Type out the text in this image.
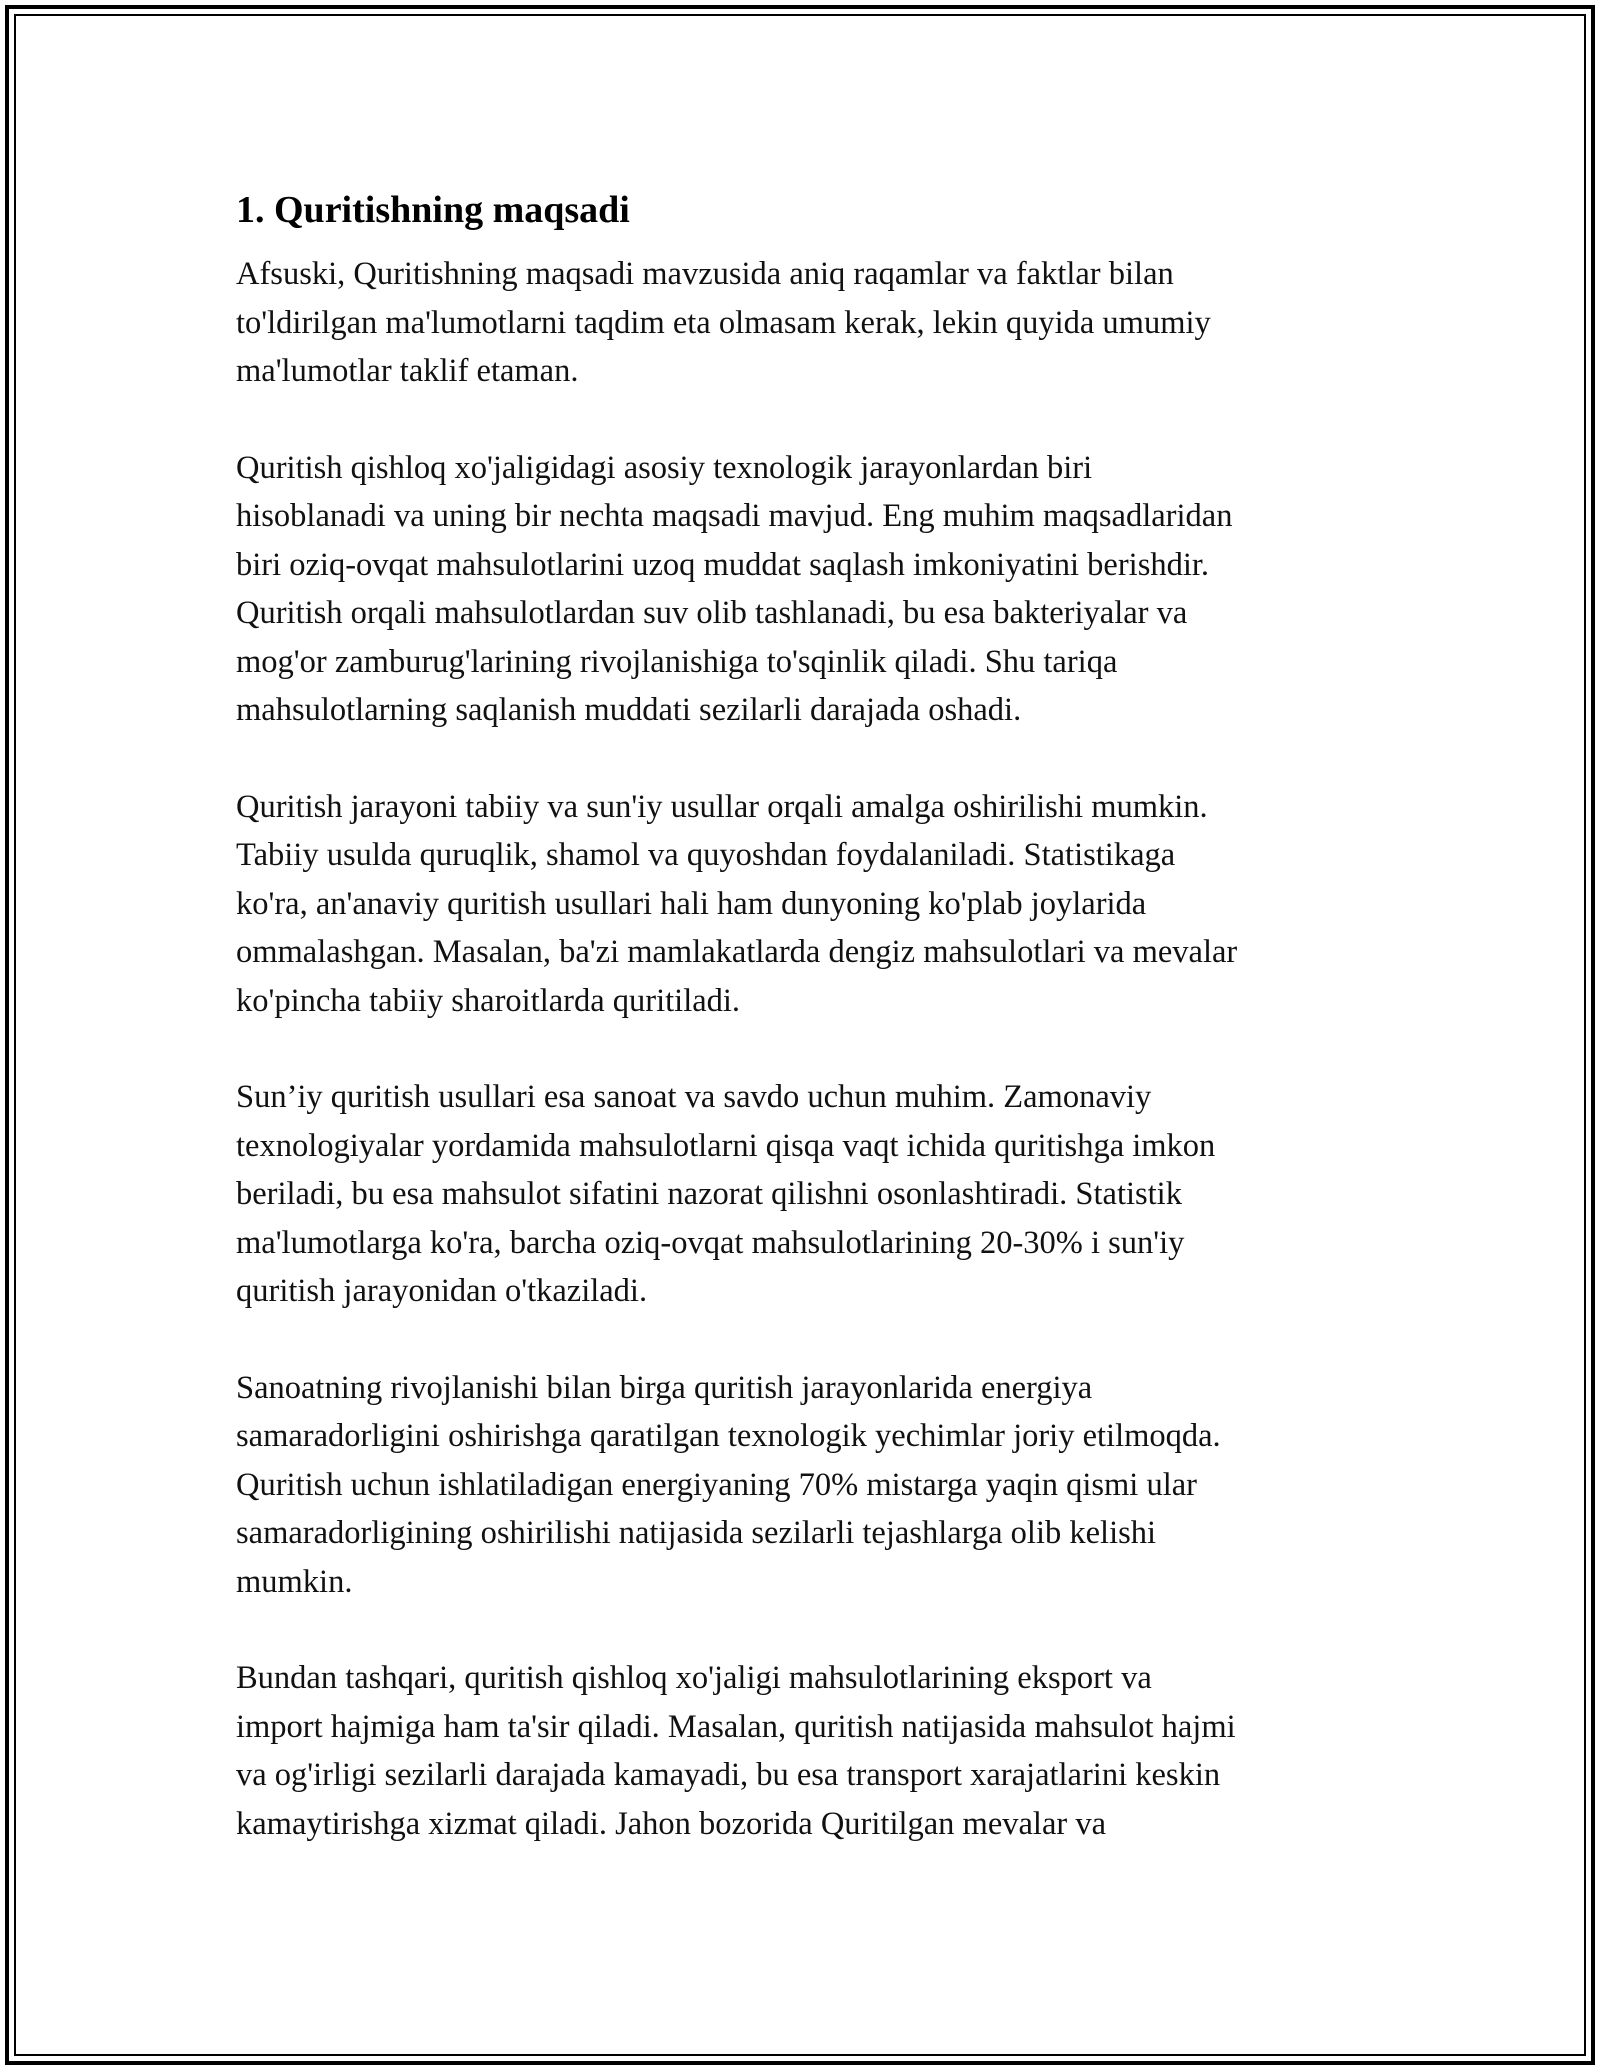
1. Quritishning maqsadi

Afsuski, Quritishning maqsadi mavzusida aniq raqamlar va faktlar bilan
to'ldirilgan ma'lumotlarni taqdim eta olmasam kerak, lekin quyida umumiy
ma'lumotlar taklif etaman.

Quritish qishloq xo'jaligidagi asosiy texnologik jarayonlardan biri
hisoblanadi va uning bir nechta maqsadi mavjud. Eng muhim maqsadlaridan
biri oziq-ovqat mahsulotlarini uzoq muddat saqlash imkoniyatini berishdir.
Quritish orqali mahsulotlardan suv olib tashlanadi, bu esa bakteriyalar va
mog'or zamburug'larining rivojlanishiga to'sqinlik qiladi. Shu tariqa
mahsulotlarning saqlanish muddati sezilarli darajada oshadi.

Quritish jarayoni tabiiy va sun'iy usullar orqali amalga oshirilishi mumkin.
Tabiiy usulda quruqlik, shamol va quyoshdan foydalaniladi. Statistikaga
ko'ra, an'anaviy quritish usullari hali ham dunyoning ko'plab joylarida
ommalashgan. Masalan, ba'zi mamlakatlarda dengiz mahsulotlari va mevalar
ko'pincha tabiiy sharoitlarda quritiladi.

Sun’iy quritish usullari esa sanoat va savdo uchun muhim. Zamonaviy
texnologiyalar yordamida mahsulotlarni qisqa vaqt ichida quritishga imkon
beriladi, bu esa mahsulot sifatini nazorat qilishni osonlashtiradi. Statistik
ma'lumotlarga ko'ra, barcha oziq-ovqat mahsulotlarining 20-30% i sun'iy
quritish jarayonidan o'tkaziladi.

Sanoatning rivojlanishi bilan birga quritish jarayonlarida energiya
samaradorligini oshirishga qaratilgan texnologik yechimlar joriy etilmoqda.
Quritish uchun ishlatiladigan energiyaning 70% mistarga yaqin qismi ular
samaradorligining oshirilishi natijasida sezilarli tejashlarga olib kelishi
mumkin.

Bundan tashqari, quritish qishloq xo'jaligi mahsulotlarining eksport va
import hajmiga ham ta'sir qiladi. Masalan, quritish natijasida mahsulot hajmi
va og'irligi sezilarli darajada kamayadi, bu esa transport xarajatlarini keskin
kamaytirishga xizmat qiladi. Jahon bozorida Quritilgan mevalar va
